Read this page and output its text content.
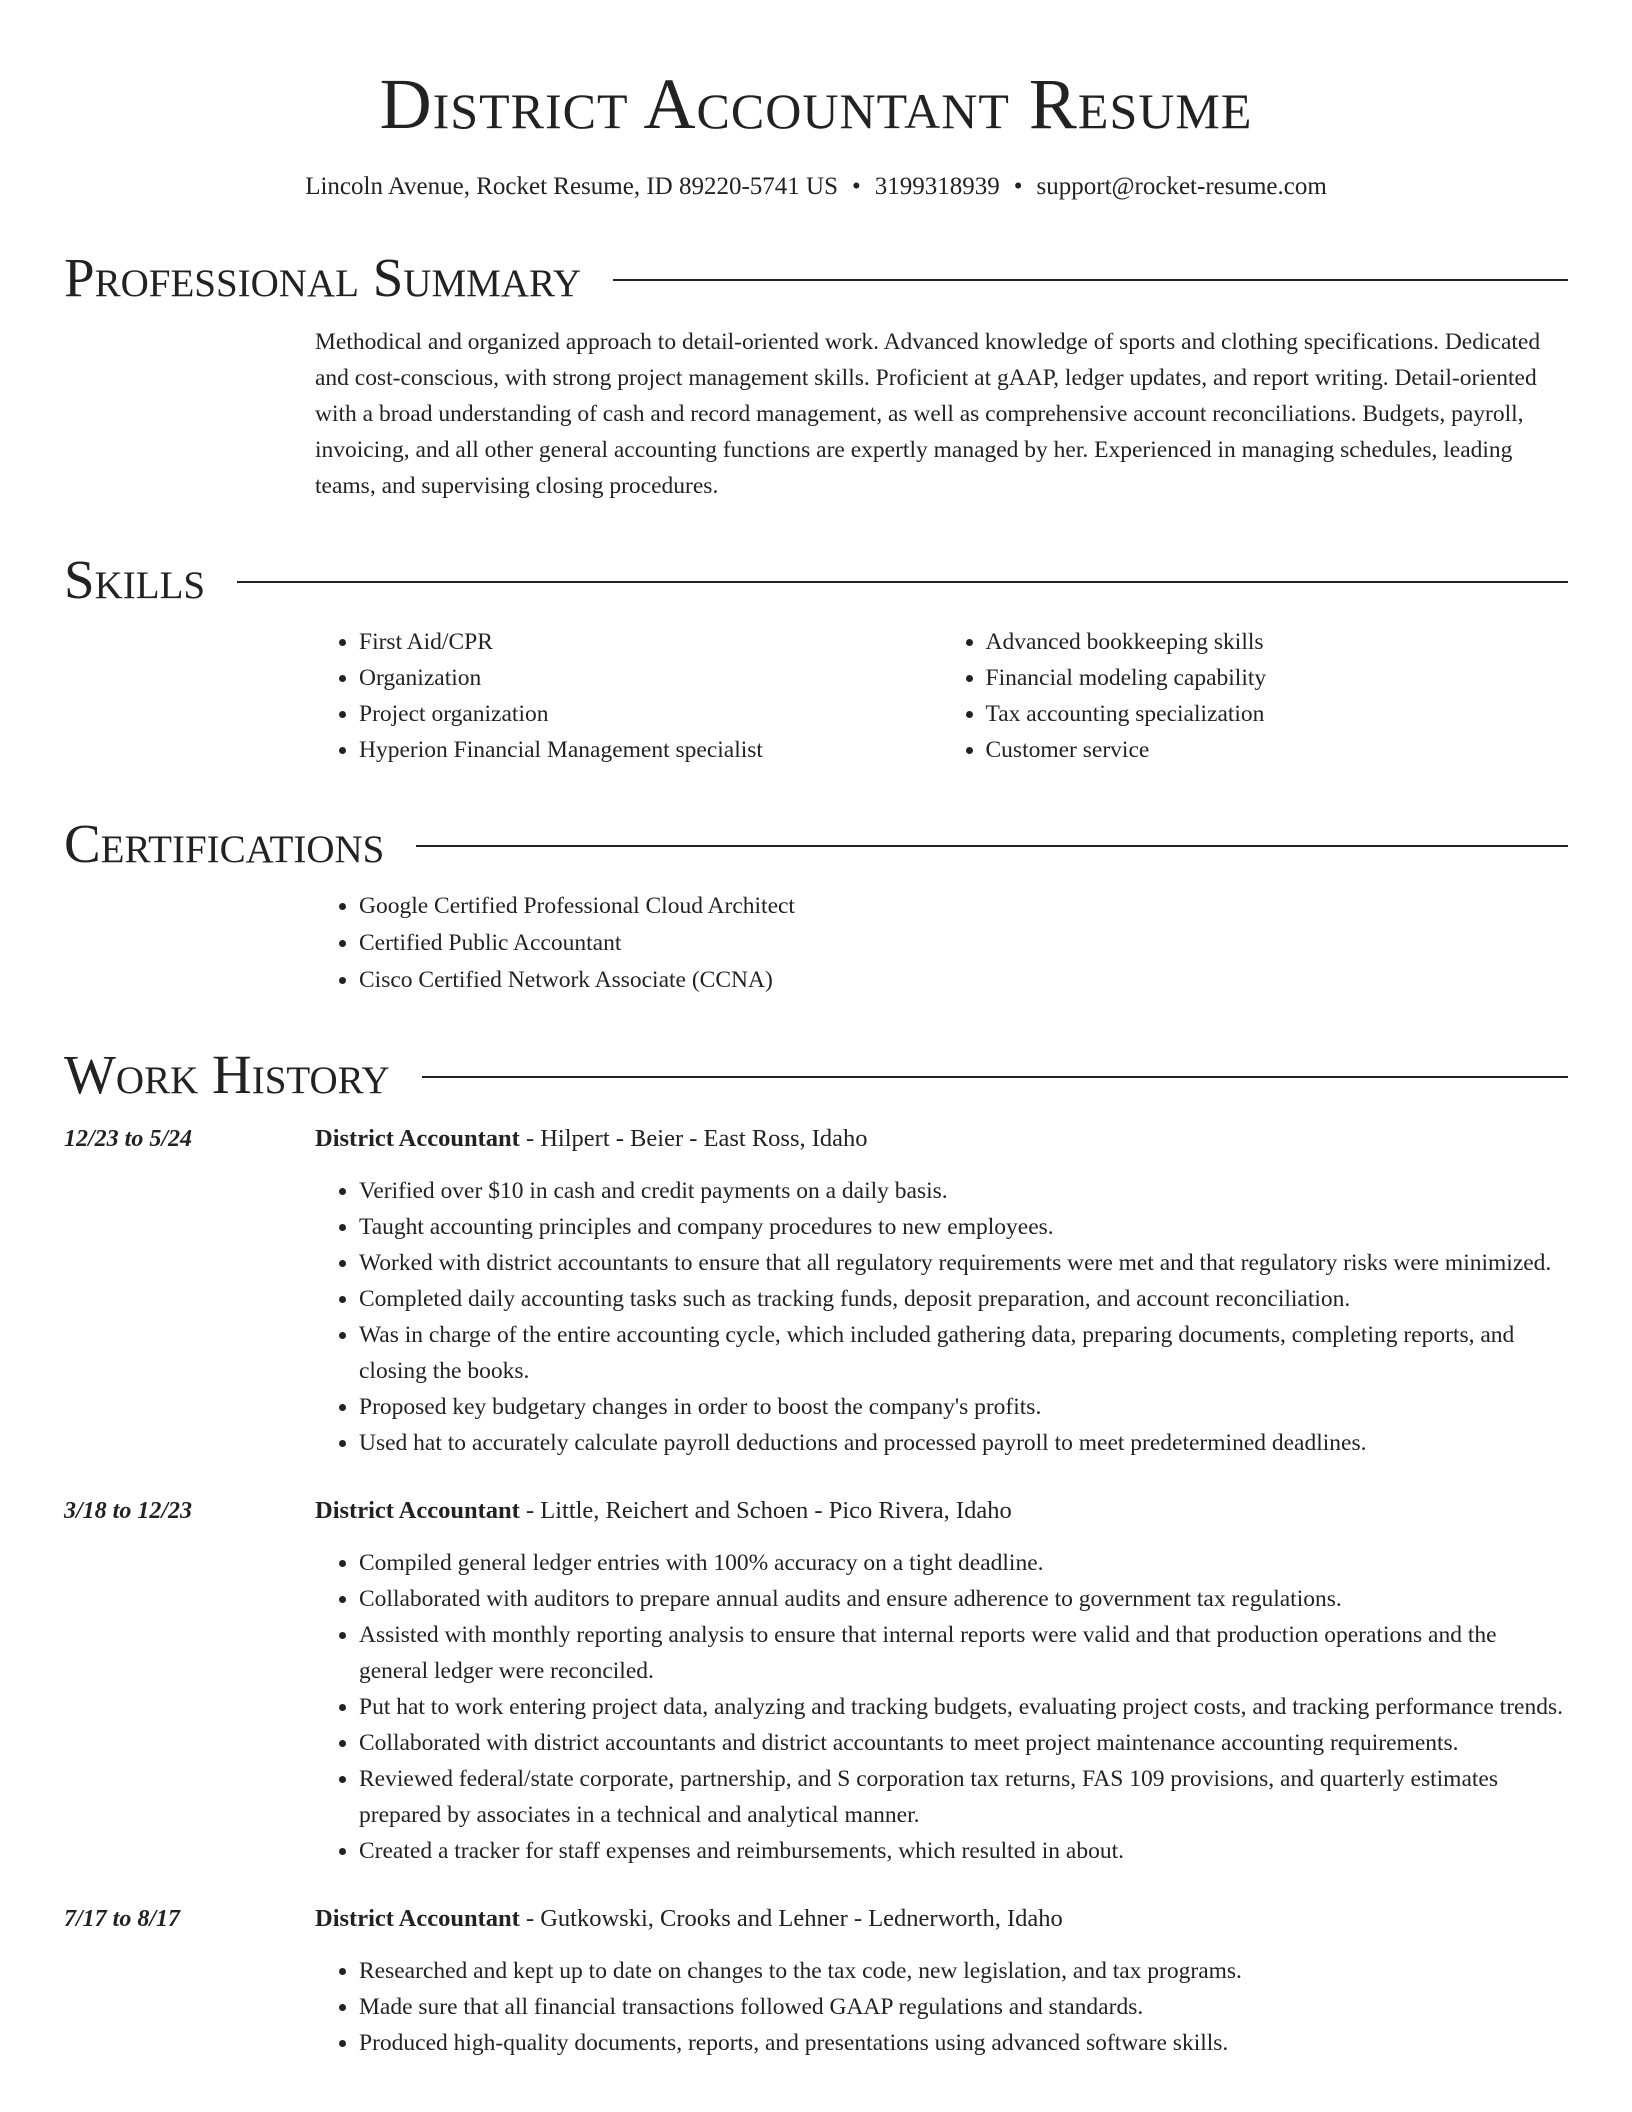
District Accountant Resume
Lincoln Avenue, Rocket Resume, ID 89220-5741 US • 3199318939 • support@rocket-resume.com
Professional Summary
Methodical and organized approach to detail-oriented work. Advanced knowledge of sports and clothing specifications. Dedicated and cost-conscious, with strong project management skills. Proficient at gAAP, ledger updates, and report writing. Detail-oriented with a broad understanding of cash and record management, as well as comprehensive account reconciliations. Budgets, payroll, invoicing, and all other general accounting functions are expertly managed by her. Experienced in managing schedules, leading teams, and supervising closing procedures.
Skills
• First Aid/CPR
• Organization
• Project organization
• Hyperion Financial Management specialist
• Advanced bookkeeping skills
• Financial modeling capability
• Tax accounting specialization
• Customer service
Certifications
• Google Certified Professional Cloud Architect
• Certified Public Accountant
• Cisco Certified Network Associate (CCNA)
Work History
12/23 to 5/24	District Accountant - Hilpert - Beier - East Ross, Idaho
• Verified over $10 in cash and credit payments on a daily basis.
• Taught accounting principles and company procedures to new employees.
• Worked with district accountants to ensure that all regulatory requirements were met and that regulatory risks were minimized.
• Completed daily accounting tasks such as tracking funds, deposit preparation, and account reconciliation.
• Was in charge of the entire accounting cycle, which included gathering data, preparing documents, completing reports, and closing the books.
• Proposed key budgetary changes in order to boost the company's profits.
• Used hat to accurately calculate payroll deductions and processed payroll to meet predetermined deadlines.
3/18 to 12/23	District Accountant - Little, Reichert and Schoen - Pico Rivera, Idaho
• Compiled general ledger entries with 100% accuracy on a tight deadline.
• Collaborated with auditors to prepare annual audits and ensure adherence to government tax regulations.
• Assisted with monthly reporting analysis to ensure that internal reports were valid and that production operations and the general ledger were reconciled.
• Put hat to work entering project data, analyzing and tracking budgets, evaluating project costs, and tracking performance trends.
• Collaborated with district accountants and district accountants to meet project maintenance accounting requirements.
• Reviewed federal/state corporate, partnership, and S corporation tax returns, FAS 109 provisions, and quarterly estimates prepared by associates in a technical and analytical manner.
• Created a tracker for staff expenses and reimbursements, which resulted in about.
7/17 to 8/17	District Accountant - Gutkowski, Crooks and Lehner - Lednerworth, Idaho
• Researched and kept up to date on changes to the tax code, new legislation, and tax programs.
• Made sure that all financial transactions followed GAAP regulations and standards.
• Produced high-quality documents, reports, and presentations using advanced software skills.
